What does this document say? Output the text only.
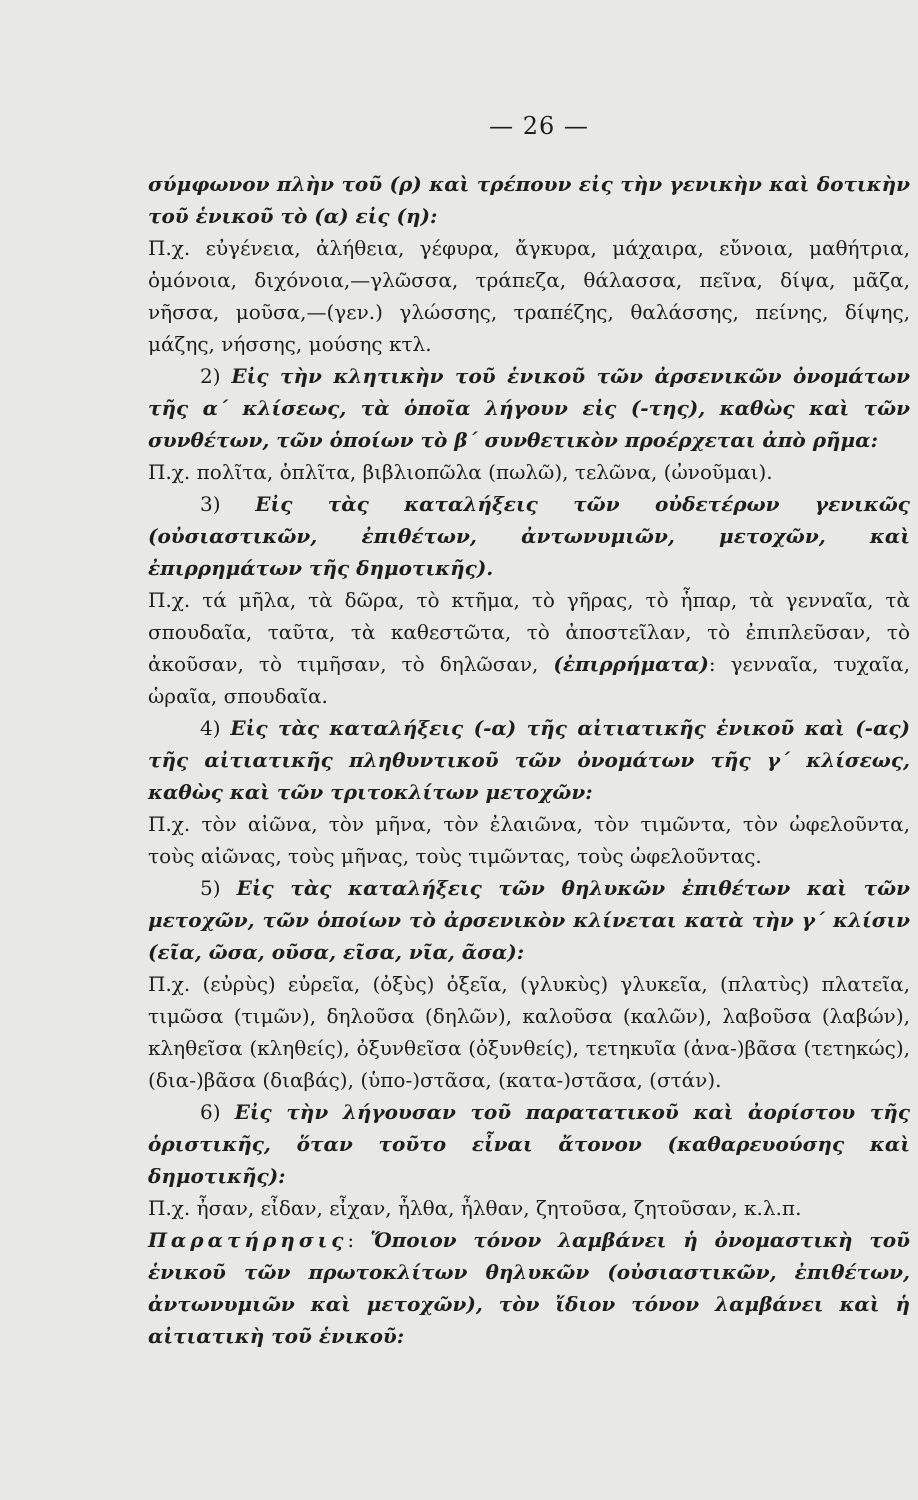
— 26 —

σύμφωνον πλὴν τοῦ (ρ) καὶ τρέπουν εἰς τὴν γενικὴν καὶ δοτικὴν τοῦ ἑνικοῦ τὸ (α) εἰς (η):

Π.χ. εὐγένεια, ἀλήθεια, γέφυρα, ἄγκυρα, μάχαιρα, εὔνοια, μαθήτρια, ὁμόνοια, διχόνοια,—γλῶσσα, τράπεζα, θάλασσα, πεῖνα, δίψα, μᾶζα, νῆσσα, μοῦσα,—(γεν.) γλώσσης, τραπέζης, θαλάσσης, πείνης, δίψης, μάζης, νήσσης, μούσης κτλ.

2) Εἰς τὴν κλητικὴν τοῦ ἑνικοῦ τῶν ἀρσενικῶν ὀνομάτων τῆς α΄ κλίσεως, τὰ ὁποῖα λήγουν εἰς (-της), καθὼς καὶ τῶν συνθέτων, τῶν ὁποίων τὸ β΄ συνθετικὸν προέρχεται ἀπὸ ρῆμα:

Π.χ. πολῖτα, ὁπλῖτα, βιβλιοπῶλα (πωλῶ), τελῶνα, (ὠνοῦμαι).

3) Εἰς τὰς καταλήξεις τῶν οὐδετέρων γενικῶς (οὐσιαστικῶν, ἐπιθέτων, ἀντωνυμιῶν, μετοχῶν, καὶ ἐπιρρημάτων τῆς δημοτικῆς).

Π.χ. τά μῆλα, τὰ δῶρα, τὸ κτῆμα, τὸ γῆρας, τὸ ἧπαρ, τὰ γενναῖα, τὰ σπουδαῖα, ταῦτα, τὰ καθεστῶτα, τὸ ἀποστεῖλαν, τὸ ἐπιπλεῦσαν, τὸ ἀκοῦσαν, τὸ τιμῆσαν, τὸ δηλῶσαν, (ἐπιρρήματα): γενναῖα, τυχαῖα, ὡραῖα, σπουδαῖα.

4) Εἰς τὰς καταλήξεις (-α) τῆς αἰτιατικῆς ἑνικοῦ καὶ (-ας) τῆς αἰτιατικῆς πληθυντικοῦ τῶν ὀνομάτων τῆς γ΄ κλίσεως, καθὼς καὶ τῶν τριτοκλίτων μετοχῶν:

Π.χ. τὸν αἰῶνα, τὸν μῆνα, τὸν ἐλαιῶνα, τὸν τιμῶντα, τὸν ὠφελοῦντα, τοὺς αἰῶνας, τοὺς μῆνας, τοὺς τιμῶντας, τοὺς ὠφελοῦντας.

5) Εἰς τὰς καταλήξεις τῶν θηλυκῶν ἐπιθέτων καὶ τῶν μετοχῶν, τῶν ὁποίων τὸ ἀρσενικὸν κλίνεται κατὰ τὴν γ΄ κλίσιν (εῖα, ῶσα, οῦσα, εῖσα, νῖα, ᾶσα):

Π.χ. (εὐρὺς) εὐρεῖα, (ὀξὺς) ὀξεῖα, (γλυκὺς) γλυκεῖα, (πλατὺς) πλατεῖα, τιμῶσα (τιμῶν), δηλοῦσα (δηλῶν), καλοῦσα (καλῶν), λαβοῦσα (λαβών), κληθεῖσα (κληθείς), ὀξυνθεῖσα (ὀξυνθείς), τετηκυῖα (ἀνα-)βᾶσα (τετηκώς), (δια-)βᾶσα (διαβάς), (ὑπο-)στᾶσα, (κατα-)στᾶσα, (στάν).

6) Εἰς τὴν λήγουσαν τοῦ παρατατικοῦ καὶ ἀορίστου τῆς ὁριστικῆς, ὅταν τοῦτο εἶναι ἄτονον (καθαρευούσης καὶ δημοτικῆς):

Π.χ. ἦσαν, εἶδαν, εἶχαν, ἦλθα, ἦλθαν, ζητοῦσα, ζητοῦσαν, κ.λ.π.

Παρατήρησις: Ὅποιον τόνον λαμβάνει ἡ ὀνομαστικὴ τοῦ ἑνικοῦ τῶν πρωτοκλίτων θηλυκῶν (οὐσιαστικῶν, ἐπιθέτων, ἀντωνυμιῶν καὶ μετοχῶν), τὸν ἴδιον τόνον λαμβάνει καὶ ἡ αἰτιατικὴ τοῦ ἑνικοῦ:
